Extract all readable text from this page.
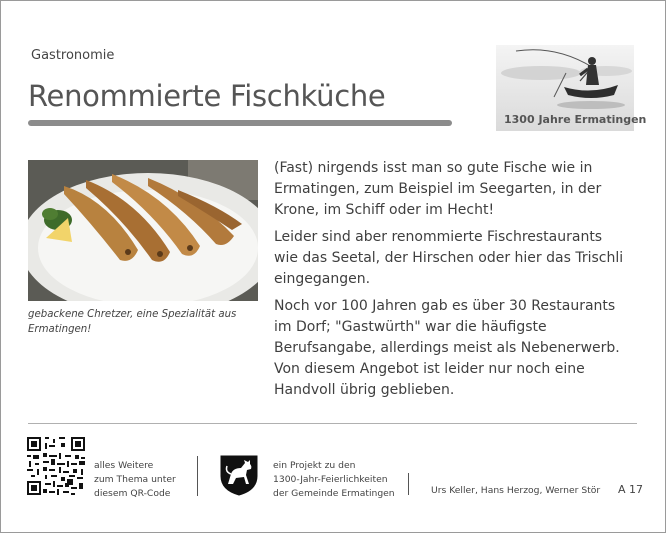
Gastronomie
Renommierte Fischküche
1300 Jahre Ermatingen
gebackene Chretzer, eine Spezialität aus Ermatingen!

(Fast) nirgends isst man so gute Fische wie in Ermatingen, zum Beispiel im Seegarten, in der Krone, im Schiff oder im Hecht!

Leider sind aber renommierte Fischrestaurants wie das Seetal, der Hirschen oder hier das Trischli eingegangen.

Noch vor 100 Jahren gab es über 30 Restaurants im Dorf; "Gastwürth" war die häufigste Berufsangabe, allerdings meist als Nebenerwerb. Von diesem Angebot ist leider nur noch eine Handvoll übrig geblieben.

alles Weitere
zum Thema unter
diesem QR-Code
ein Projekt zu den
1300-Jahr-Feierlichkeiten
der Gemeinde Ermatingen	Urs Keller, Hans Herzog, Werner Stör A 17
